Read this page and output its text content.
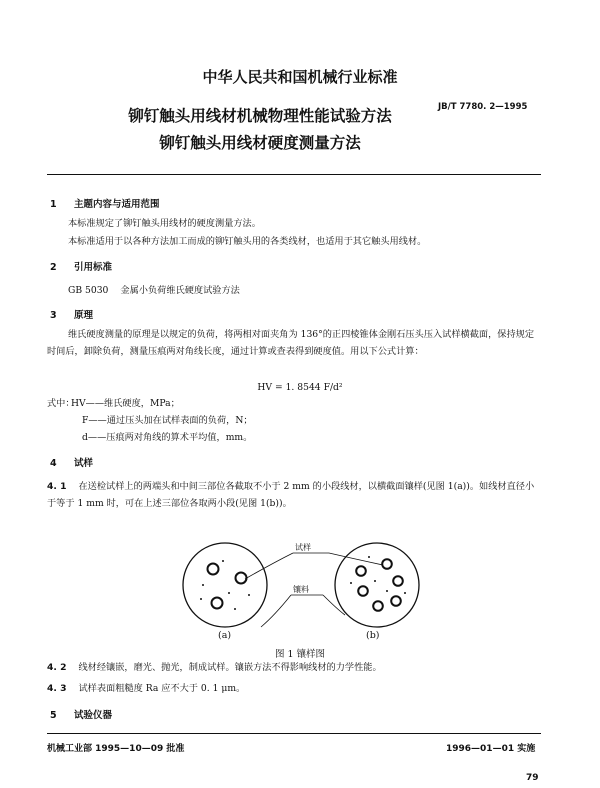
中华人民共和国机械行业标准
铆钉触头用线材机械物理性能试验方法
铆钉触头用线材硬度测量方法
JB/T 7780. 2—1995
1 主题内容与适用范围
本标准规定了铆钉触头用线材的硬度测量方法。
本标准适用于以各种方法加工而成的铆钉触头用的各类线材，也适用于其它触头用线材。
2 引用标准
GB 5030 金属小负荷维氏硬度试验方法
3 原理
维氏硬度测量的原理是以规定的负荷，将两相对面夹角为 136°的正四棱锥体金刚石压头压入试样横截面，保持规定时间后，卸除负荷，测量压痕两对角线长度，通过计算或查表得到硬度值。用以下公式计算：
HV = 1. 8544 F/d²
式中：
HV——维氏硬度，MPa；
F——通过压头加在试样表面的负荷，N；
d——压痕两对角线的算术平均值，mm。
4 试样
4. 1 在送检试样上的两端头和中间三部位各截取不小于 2 mm 的小段线材，以横截面镶样(见图 1(a))。如线材直径小于等于 1 mm 时，可在上述三部位各取两小段(见图 1(b))。
试样
镶料
(a)	(b)
图 1 镶样图
4. 2 线材经镶嵌，磨光、抛光，制成试样。镶嵌方法不得影响线材的力学性能。
4. 3 试样表面粗糙度 Ra 应不大于 0. 1 μm。
5 试验仪器
机械工业部 1995—10—09 批准	1996—01—01 实施
79
